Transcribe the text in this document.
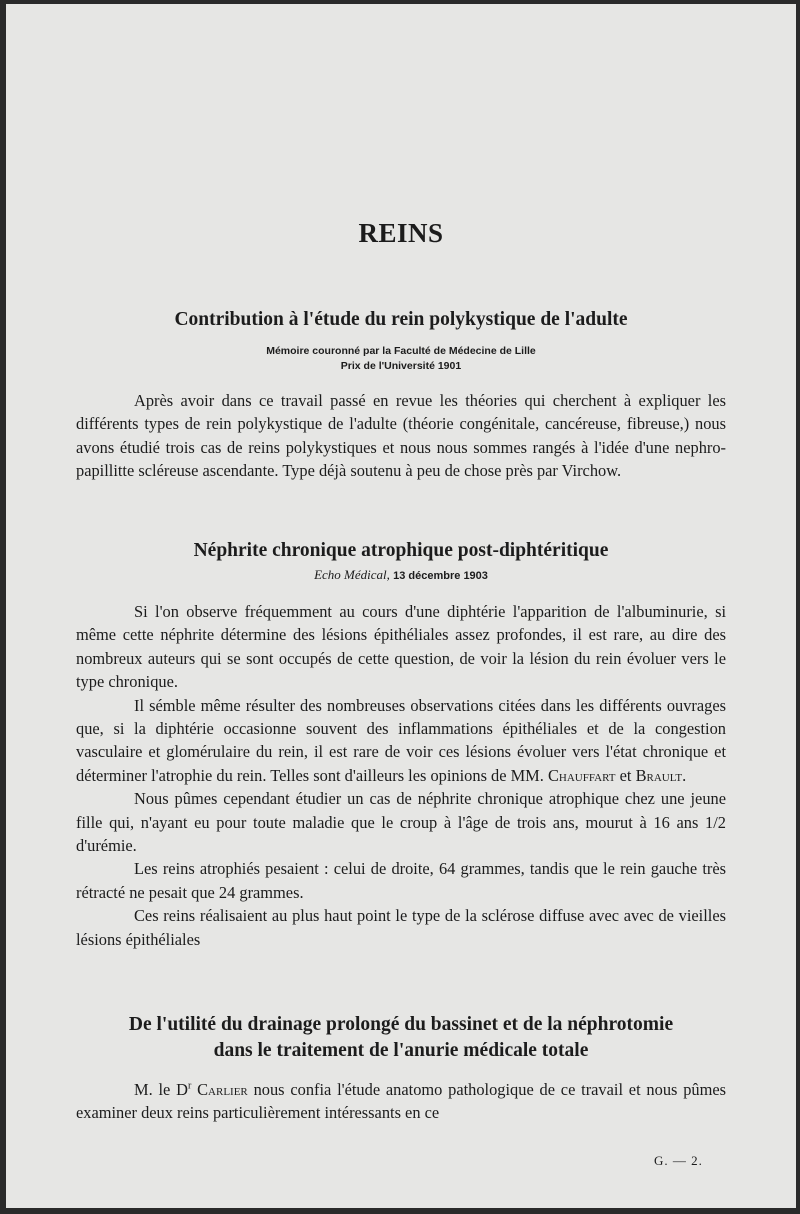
REINS
Contribution à l'étude du rein polykystique de l'adulte
Mémoire couronné par la Faculté de Médecine de Lille
Prix de l'Université 1901

Après avoir dans ce travail passé en revue les théories qui cherchent à expliquer les différents types de rein polykystique de l'adulte (théorie congénitale, cancéreuse, fibreuse,) nous avons étudié trois cas de reins polykystiques et nous nous sommes rangés à l'idée d'une nephro-papillitte scléreuse ascendante. Type déjà soutenu à peu de chose près par Virchow.

Néphrite chronique atrophique post-diphtéritique
Echo Médical, 13 décembre 1903

Si l'on observe fréquemment au cours d'une diphtérie l'apparition de l'albuminurie, si même cette néphrite détermine des lésions épithéliales assez profondes, il est rare, au dire des nombreux auteurs qui se sont occupés de cette question, de voir la lésion du rein évoluer vers le type chronique.

Il sémble même résulter des nombreuses observations citées dans les différents ouvrages que, si la diphtérie occasionne souvent des inflammations épithéliales et de la congestion vasculaire et glomérulaire du rein, il est rare de voir ces lésions évoluer vers l'état chronique et déterminer l'atrophie du rein. Telles sont d'ailleurs les opinions de MM. Chauffart et Brault.

Nous pûmes cependant étudier un cas de néphrite chronique atrophique chez une jeune fille qui, n'ayant eu pour toute maladie que le croup à l'âge de trois ans, mourut à 16 ans 1/2 d'urémie.

Les reins atrophiés pesaient : celui de droite, 64 grammes, tandis que le rein gauche très rétracté ne pesait que 24 grammes.

Ces reins réalisaient au plus haut point le type de la sclérose diffuse avec avec de vieilles lésions épithéliales

De l'utilité du drainage prolongé du bassinet et de la néphrotomie
dans le traitement de l'anurie médicale totale

M. le $D^r$ Carlier nous confia l'étude anatomo pathologique de ce travail et nous pûmes examiner deux reins particulièrement intéressants en ce

G. — 2.
